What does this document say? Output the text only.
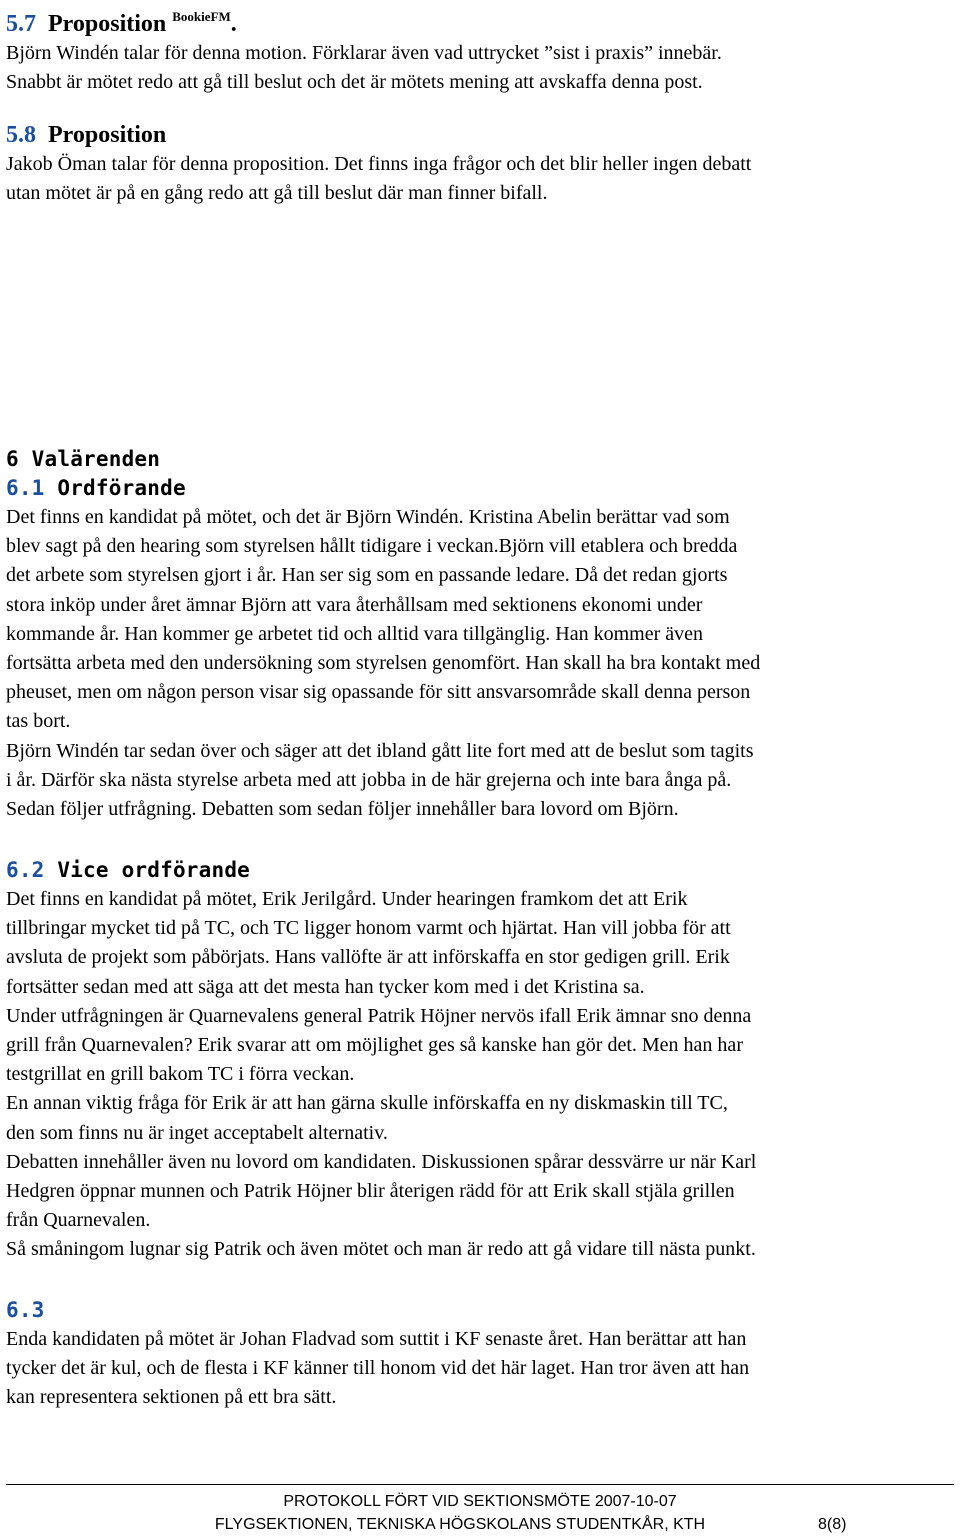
5.7 Proposition $^{BookieFM}$.

Björn Windén talar för denna motion. Förklarar även vad uttrycket ”sist i praxis” innebär.

Snabbt är mötet redo att gå till beslut och det är mötets mening att avskaffa denna post.

5.8 Proposition

Jakob Öman talar för denna proposition. Det finns inga frågor och det blir heller ingen debatt

utan mötet är på en gång redo att gå till beslut där man finner bifall.

6 Valärenden
6.1 Ordförande

Det finns en kandidat på mötet, och det är Björn Windén. Kristina Abelin berättar vad som

blev sagt på den hearing som styrelsen hållt tidigare i veckan.Björn vill etablera och bredda

det arbete som styrelsen gjort i år. Han ser sig som en passande ledare. Då det redan gjorts

stora inköp under året ämnar Björn att vara återhållsam med sektionens ekonomi under

kommande år. Han kommer ge arbetet tid och alltid vara tillgänglig. Han kommer även

fortsätta arbeta med den undersökning som styrelsen genomfört. Han skall ha bra kontakt med

pheuset, men om någon person visar sig opassande för sitt ansvarsområde skall denna person

tas bort.

Björn Windén tar sedan över och säger att det ibland gått lite fort med att de beslut som tagits

i år. Därför ska nästa styrelse arbeta med att jobba in de här grejerna och inte bara ånga på.

Sedan följer utfrågning. Debatten som sedan följer innehåller bara lovord om Björn.

6.2 Vice ordförande

Det finns en kandidat på mötet, Erik Jerilgård. Under hearingen framkom det att Erik

tillbringar mycket tid på TC, och TC ligger honom varmt och hjärtat. Han vill jobba för att

avsluta de projekt som påbörjats. Hans vallöfte är att införskaffa en stor gedigen grill. Erik

fortsätter sedan med att säga att det mesta han tycker kom med i det Kristina sa.

Under utfrågningen är Quarnevalens general Patrik Höjner nervös ifall Erik ämnar sno denna

grill från Quarnevalen? Erik svarar att om möjlighet ges så kanske han gör det. Men han har

testgrillat en grill bakom TC i förra veckan.

En annan viktig fråga för Erik är att han gärna skulle införskaffa en ny diskmaskin till TC,

den som finns nu är inget acceptabelt alternativ.

Debatten innehåller även nu lovord om kandidaten. Diskussionen spårar dessvärre ur när Karl

Hedgren öppnar munnen och Patrik Höjner blir återigen rädd för att Erik skall stjäla grillen

från Quarnevalen.

Så småningom lugnar sig Patrik och även mötet och man är redo att gå vidare till nästa punkt.

6.3

Enda kandidaten på mötet är Johan Fladvad som suttit i KF senaste året. Han berättar att han

tycker det är kul, och de flesta i KF känner till honom vid det här laget. Han tror även att han

kan representera sektionen på ett bra sätt.

PROTOKOLL FÖRT VID SEKTIONSMÖTE 2007-10-07
FLYGSEKTIONEN, TEKNISKA HÖGSKOLANS STUDENTKÅR, KTH	8(8)
